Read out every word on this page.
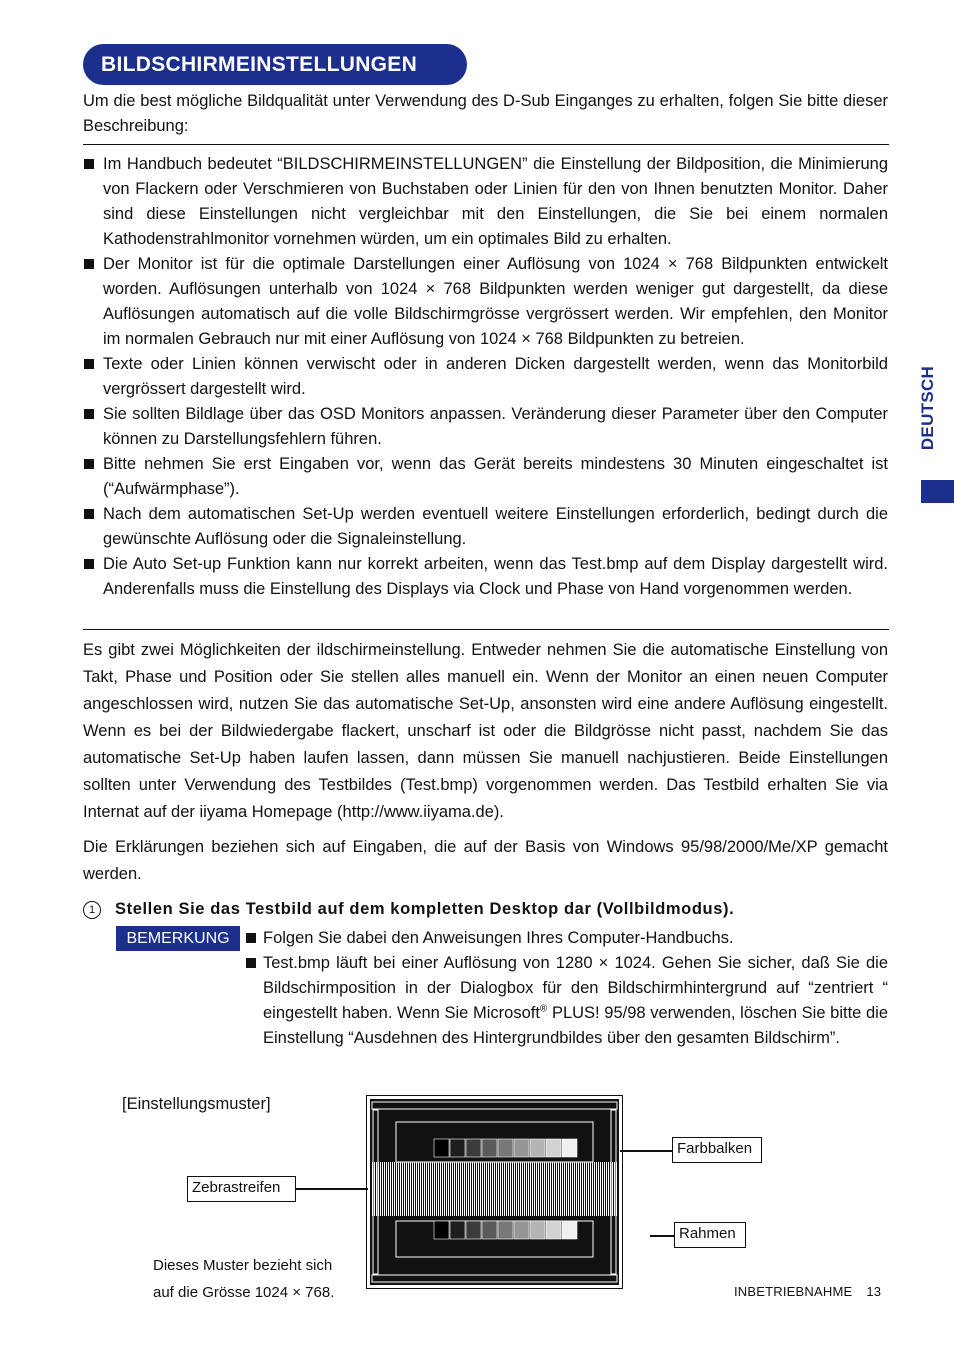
BILDSCHIRMEINSTELLUNGEN
Um die best mögliche Bildqualität unter Verwendung des D-Sub Einganges zu erhalten, folgen Sie bitte dieser Beschreibung:
Im Handbuch bedeutet “BILDSCHIRMEINSTELLUNGEN” die Einstellung der Bildposition, die Minimierung von Flackern oder Verschmieren von Buchstaben oder Linien für den von Ihnen benutzten Monitor. Daher sind diese Einstellungen nicht vergleichbar mit den Einstellungen, die Sie bei einem normalen Kathodenstrahlmonitor vornehmen würden, um ein optimales Bild zu erhalten.
Der Monitor ist für die optimale Darstellungen einer Auflösung von 1024 × 768 Bildpunkten entwickelt worden. Auflösungen unterhalb von 1024 × 768 Bildpunkten werden weniger gut dargestellt, da diese Auflösungen automatisch auf die volle Bildschirmgrösse vergrössert werden. Wir empfehlen, den Monitor im normalen Gebrauch nur mit einer Auflösung von 1024 × 768 Bildpunkten zu betreien.
Texte oder Linien können verwischt oder in anderen Dicken dargestellt werden, wenn das Monitorbild vergrössert dargestellt wird.
Sie sollten Bildlage über das OSD Monitors anpassen. Veränderung dieser Parameter über den Computer können zu Darstellungsfehlern führen.
Bitte nehmen Sie erst Eingaben vor, wenn das Gerät bereits mindestens 30 Minuten eingeschaltet ist (“Aufwärmphase”).
Nach dem automatischen Set-Up werden eventuell weitere Einstellungen erforderlich, bedingt durch die gewünschte Auflösung oder die Signaleinstellung.
Die Auto Set-up Funktion kann nur korrekt arbeiten, wenn das Test.bmp auf dem Display dargestellt wird. Anderenfalls muss die Einstellung des Displays via Clock und Phase von Hand vorgenommen werden.
Es gibt zwei Möglichkeiten der ildschirmeinstellung. Entweder nehmen Sie die automatische Einstellung von Takt, Phase und Position oder Sie stellen alles manuell ein. Wenn der Monitor an einen neuen Computer angeschlossen wird, nutzen Sie das automatische Set-Up, ansonsten wird eine andere Auflösung eingestellt. Wenn es bei der Bildwiedergabe flackert, unscharf ist oder die Bildgrösse nicht passt, nachdem Sie das automatische Set-Up haben laufen lassen, dann müssen Sie manuell nachjustieren. Beide Einstellungen sollten unter Verwendung des Testbildes (Test.bmp) vorgenommen werden. Das Testbild erhalten Sie via Internat auf der iiyama Homepage (http://www.iiyama.de).
Die Erklärungen beziehen sich auf Eingaben, die auf der Basis von Windows 95/98/2000/Me/XP gemacht werden.
1 Stellen Sie das Testbild auf dem kompletten Desktop dar (Vollbildmodus).
BEMERKUNG	Folgen Sie dabei den Anweisungen Ihres Computer-Handbuchs.
Test.bmp läuft bei einer Auflösung von 1280 × 1024. Gehen Sie sicher, daß Sie die Bildschirmposition in der Dialogbox für den Bildschirmhintergrund auf “zentriert “ eingestellt haben. Wenn Sie Microsoft® PLUS! 95/98 verwenden, löschen Sie bitte die Einstellung “Ausdehnen des Hintergrundbildes über den gesamten Bildschirm”.
DEUTSCH
[Einstellungsmuster]
Farbbalken
Zebrastreifen
Rahmen
Dieses Muster bezieht sich
auf die Grösse 1024 × 768.	INBETRIEBNAHME 13
